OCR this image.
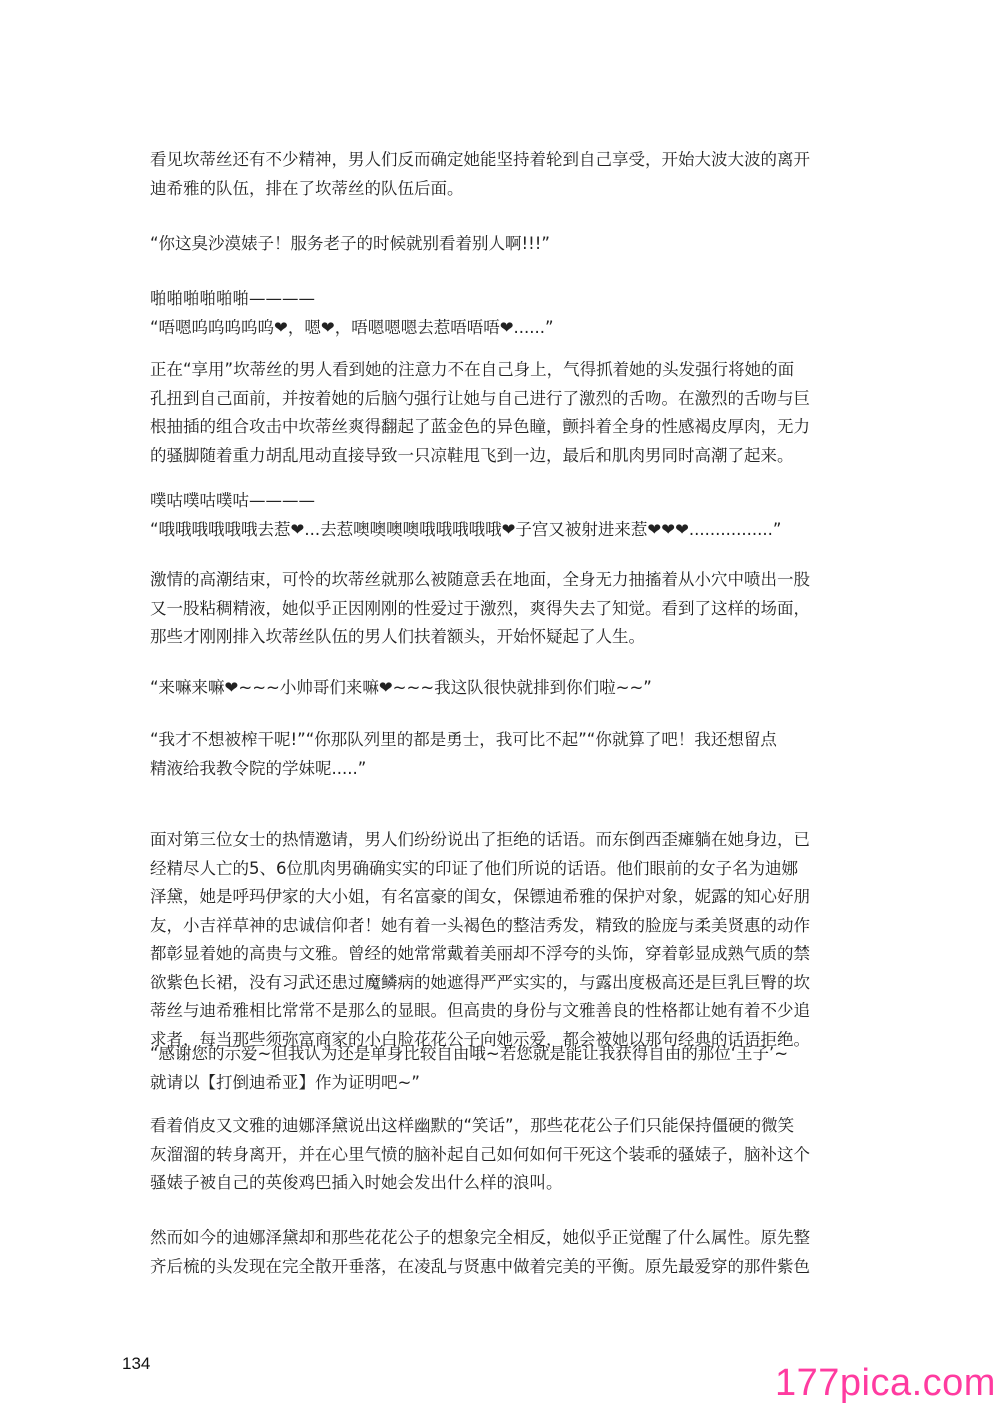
看见坎蒂丝还有不少精神，男人们反而确定她能坚持着轮到自己享受，开始大波大波的离开
迪希雅的队伍，排在了坎蒂丝的队伍后面。

“你这臭沙漠婊子！服务老子的时候就别看着别人啊!!!”

啪啪啪啪啪啪————
“唔嗯呜呜呜呜呜❤，嗯❤，唔嗯嗯嗯去惹唔唔唔❤......”

正在“享用”坎蒂丝的男人看到她的注意力不在自己身上，气得抓着她的头发强行将她的面
孔扭到自己面前，并按着她的后脑勺强行让她与自己进行了激烈的舌吻。在激烈的舌吻与巨
根抽插的组合攻击中坎蒂丝爽得翻起了蓝金色的异色瞳，颤抖着全身的性感褐皮厚肉，无力
的骚脚随着重力胡乱甩动直接导致一只凉鞋甩飞到一边，最后和肌肉男同时高潮了起来。

噗咕噗咕噗咕————
“哦哦哦哦哦哦去惹❤...去惹噢噢噢噢哦哦哦哦哦❤子宫又被射进来惹❤❤❤................”

激情的高潮结束，可怜的坎蒂丝就那么被随意丢在地面，全身无力抽搐着从小穴中喷出一股
又一股粘稠精液，她似乎正因刚刚的性爱过于激烈，爽得失去了知觉。看到了这样的场面，
那些才刚刚排入坎蒂丝队伍的男人们扶着额头，开始怀疑起了人生。

“来嘛来嘛❤~~~小帅哥们来嘛❤~~~我这队很快就排到你们啦~~”

“我才不想被榨干呢!”“你那队列里的都是勇士，我可比不起”“你就算了吧！我还想留点
精液给我教令院的学妹呢.....”

面对第三位女士的热情邀请，男人们纷纷说出了拒绝的话语。而东倒西歪瘫躺在她身边，已
经精尽人亡的5、6位肌肉男确确实实的印证了他们所说的话语。他们眼前的女子名为迪娜
泽黛，她是呼玛伊家的大小姐，有名富豪的闺女，保镖迪希雅的保护对象，妮露的知心好朋
友，小吉祥草神的忠诚信仰者！她有着一头褐色的整洁秀发，精致的脸庞与柔美贤惠的动作
都彰显着她的高贵与文雅。曾经的她常常戴着美丽却不浮夸的头饰，穿着彰显成熟气质的禁
欲紫色长裙，没有习武还患过魔鳞病的她遮得严严实实的，与露出度极高还是巨乳巨臀的坎
蒂丝与迪希雅相比常常不是那么的显眼。但高贵的身份与文雅善良的性格都让她有着不少追
求者，每当那些须弥富商家的小白脸花花公子向她示爱，都会被她以那句经典的话语拒绝。

“感谢您的示爱~但我认为还是单身比较自由哦~若您就是能让我获得自由的那位‘王子’~
就请以【打倒迪希亚】作为证明吧~”

看着俏皮又文雅的迪娜泽黛说出这样幽默的“笑话”，那些花花公子们只能保持僵硬的微笑
灰溜溜的转身离开，并在心里气愤的脑补起自己如何如何干死这个装乖的骚婊子，脑补这个
骚婊子被自己的英俊鸡巴插入时她会发出什么样的浪叫。

然而如今的迪娜泽黛却和那些花花公子的想象完全相反，她似乎正觉醒了什么属性。原先整
齐后梳的头发现在完全散开垂落，在凌乱与贤惠中做着完美的平衡。原先最爱穿的那件紫色

134	177pica.com
